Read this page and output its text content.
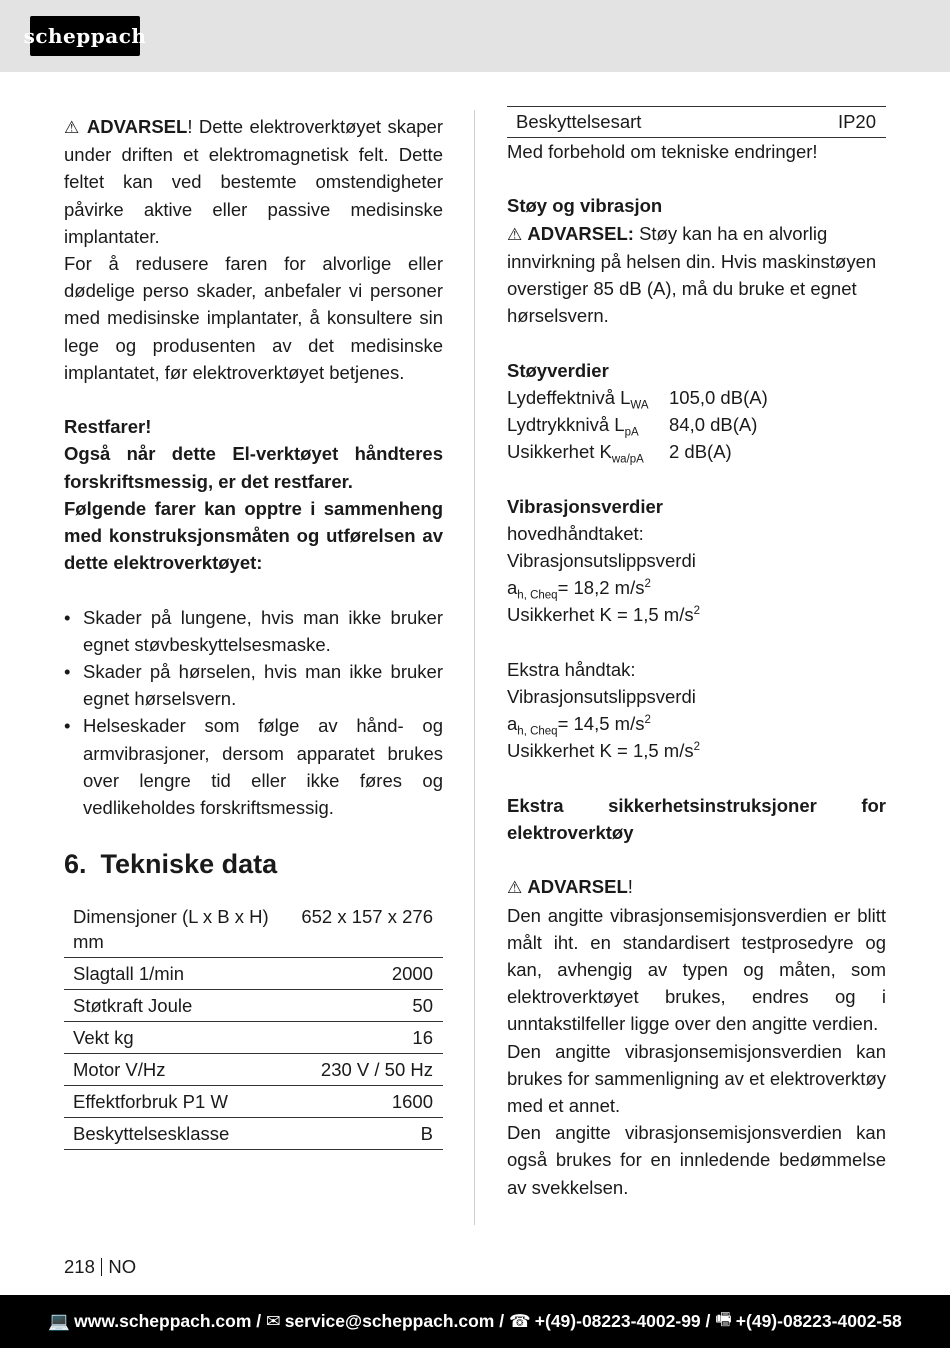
scheppach

⚠ ADVARSEL! Dette elektroverktøyet skaper under driften et elektromagnetisk felt. Dette feltet kan ved bestemte omstendigheter påvirke aktive eller passive medisinske implantater.

For å redusere faren for alvorlige eller dødelige perso skader, anbefaler vi personer med medisinske implantater, å konsultere sin lege og produsenten av det medisinske implantatet, før elektroverktøyet betjenes.

Restfarer!

Også når dette El-verktøyet håndteres forskriftsmessig, er det restfarer.

Følgende farer kan opptre i sammenheng med konstruksjonsmåten og utførelsen av dette elektroverktøyet:

• Skader på lungene, hvis man ikke bruker egnet støvbeskyttelsesmaske.
• Skader på hørselen, hvis man ikke bruker egnet hørselsvern.
• Helseskader som følge av hånd- og armvibrasjoner, dersom apparatet brukes over lengre tid eller ikke føres og vedlikeholdes forskriftsmessig.
6. Tekniske data
Dimensjoner (L x B x H) mm	652 x 157 x 276
Slagtall 1/min	2000
Støtkraft Joule	50
Vekt kg	16
Motor V/Hz	230 V / 50 Hz
Effektforbruk P1 W	1600
Beskyttelsesklasse	B
Beskyttelsesart	IP20

Med forbehold om tekniske endringer!

Støy og vibrasjon

⚠ ADVARSEL: Støy kan ha en alvorlig innvirkning på helsen din. Hvis maskinstøyen overstiger 85 dB (A), må du bruke et egnet hørselsvern.

Støyverdier

Lydeffektnivå $L_{WA}$	105,0 dB(A)
Lydtrykknivå $L_{pA}$	84,0 dB(A)
Usikkerhet $K_{wa/pA}$	2 dB(A)

Vibrasjonsverdier

hovedhåndtaket:

Vibrasjonsutslippsverdi

$a_{h, Cheq}= 18,2$ $m/s^2$

Usikkerhet K = 1,5 $m/s^2$

Ekstra håndtak:

Vibrasjonsutslippsverdi

$a_{h, Cheq}= 14,5$ $m/s^2$

Usikkerhet K = 1,5 $m/s^2$

Ekstra sikkerhetsinstruksjoner for

elektroverktøy

⚠ ADVARSEL!

Den angitte vibrasjonsemisjonsverdien er blitt målt iht. en standardisert testprosedyre og kan, avhengig av typen og måten, som elektroverktøyet brukes, endres og i unntakstilfeller ligge over den angitte verdien.

Den angitte vibrasjonsemisjonsverdien kan brukes for sammenligning av et elektroverktøy med et annet.

Den angitte vibrasjonsemisjonsverdien kan også brukes for en innledende bedømmelse av svekkelsen.

218 NO
💻 www.scheppach.com /
✉ service@scheppach.com /
☎ +(49)-08223-4002-99 /
🖷 +(49)-08223-4002-58
